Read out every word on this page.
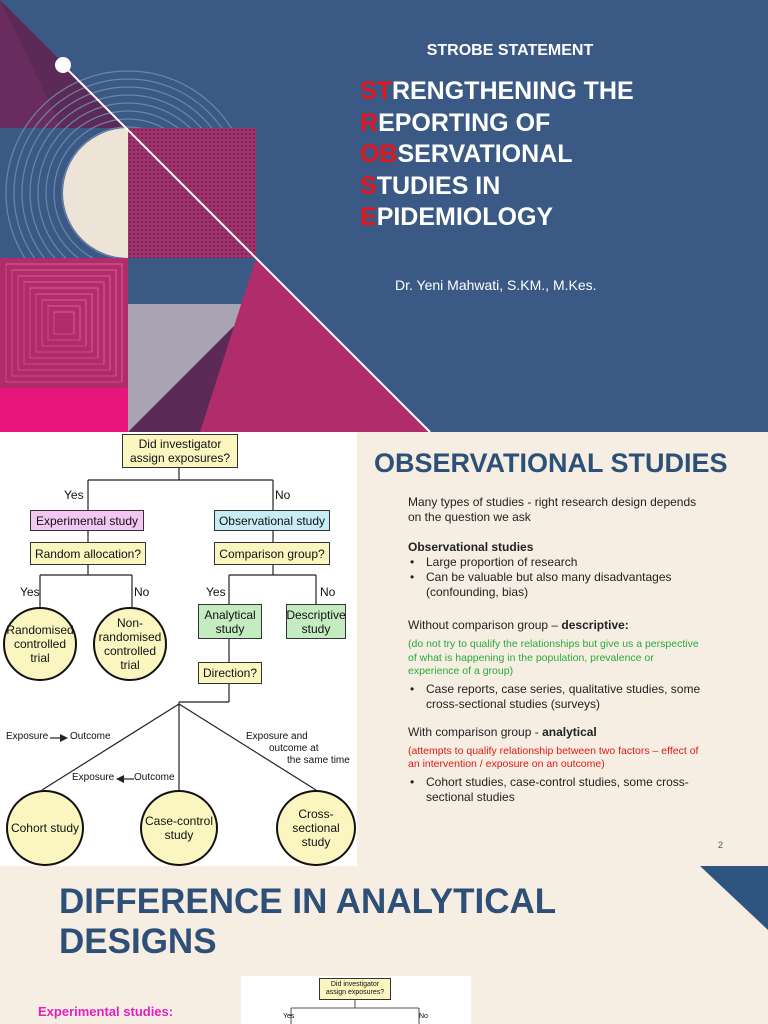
STROBE STATEMENT
STRENGTHENING THE
REPORTING OF
OBSERVATIONAL
STUDIES IN
EPIDEMIOLOGY
Dr. Yeni Mahwati, S.KM., M.Kes.
Did investigator assign exposures?
Yes	No
Experimental study	Observational study
Random allocation?	Comparison group?
Yes	No	Yes	No
Randomised controlled trial
Non-randomised controlled trial
Analytical study
Descriptive study
Direction?
Exposure Outcome
Exposure Outcome
Exposure and
outcome at
the same time
Cohort study	Case-control study
Cross-sectional study
OBSERVATIONAL STUDIES

Many types of studies - right research design depends on the question we ask

Observational studies

• Large proportion of research
• Can be valuable but also many disadvantages (confounding, bias)

Without comparison group – descriptive:

(do not try to qualify the relationships but give us a perspective of what is happening in the population, prevalence or experience of a group)

• Case reports, case series, qualitative studies, some cross-sectional studies (surveys)

With comparison group - analytical

(attempts to qualify relationship between two factors – effect of an intervention / exposure on an outcome)

• Cohort studies, case-control studies, some cross-sectional studies
2
DIFFERENCE IN ANALYTICAL
DESIGNS
Experimental studies:
Did investigator assign exposures?
Yes	No
